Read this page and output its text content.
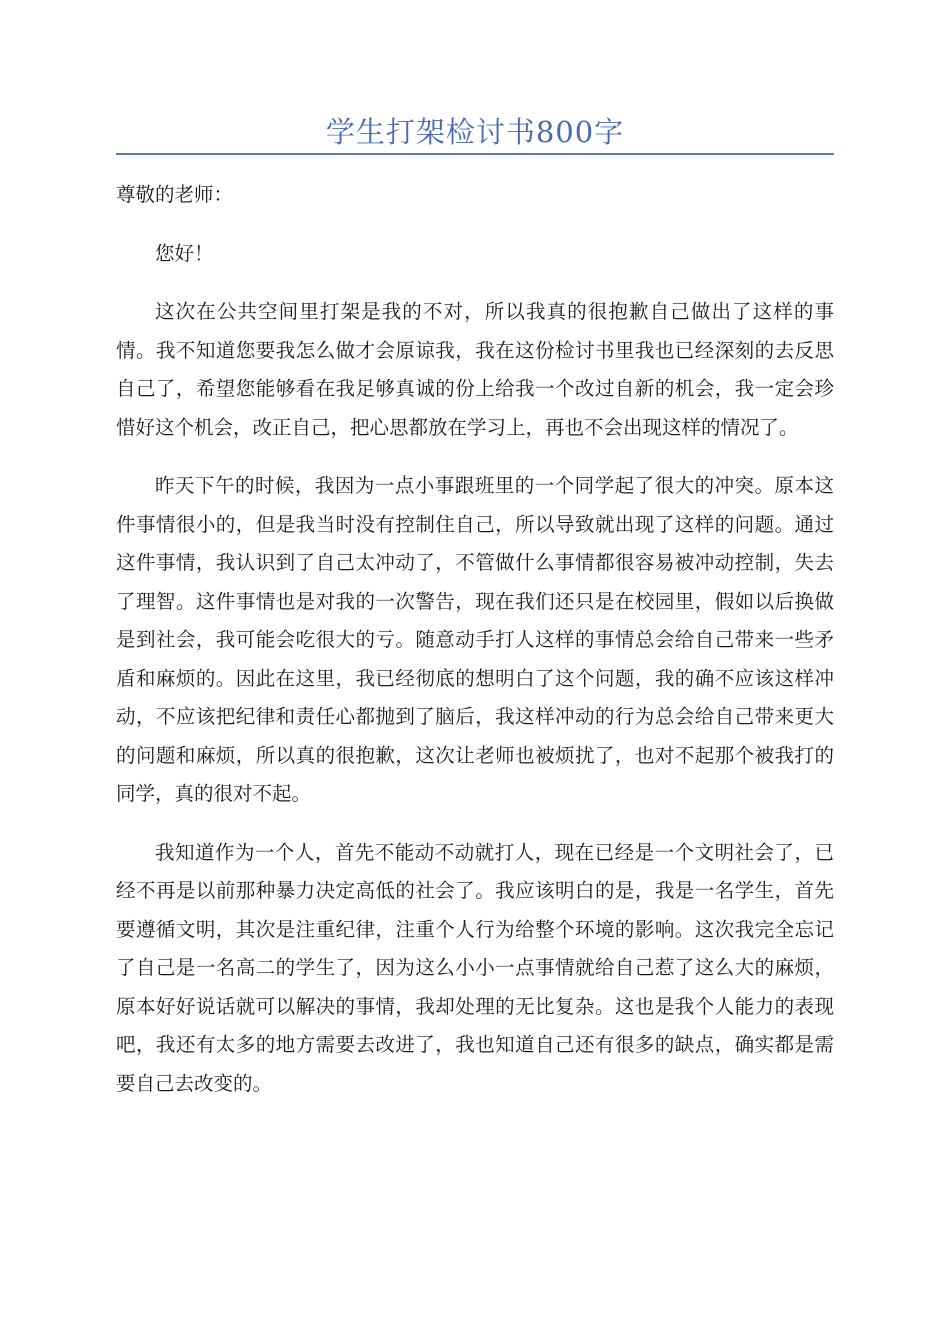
学生打架检讨书800字

尊敬的老师：

您好！

这次在公共空间里打架是我的不对，所以我真的很抱歉自己做出了这样的事情。我不知道您要我怎么做才会原谅我，我在这份检讨书里我也已经深刻的去反思自己了，希望您能够看在我足够真诚的份上给我一个改过自新的机会，我一定会珍惜好这个机会，改正自己，把心思都放在学习上，再也不会出现这样的情况了。

昨天下午的时候，我因为一点小事跟班里的一个同学起了很大的冲突。原本这件事情很小的，但是我当时没有控制住自己，所以导致就出现了这样的问题。通过这件事情，我认识到了自己太冲动了，不管做什么事情都很容易被冲动控制，失去了理智。这件事情也是对我的一次警告，现在我们还只是在校园里，假如以后换做是到社会，我可能会吃很大的亏。随意动手打人这样的事情总会给自己带来一些矛盾和麻烦的。因此在这里，我已经彻底的想明白了这个问题，我的确不应该这样冲动，不应该把纪律和责任心都抛到了脑后，我这样冲动的行为总会给自己带来更大的问题和麻烦，所以真的很抱歉，这次让老师也被烦扰了，也对不起那个被我打的同学，真的很对不起。

我知道作为一个人，首先不能动不动就打人，现在已经是一个文明社会了，已经不再是以前那种暴力决定高低的社会了。我应该明白的是，我是一名学生，首先要遵循文明，其次是注重纪律，注重个人行为给整个环境的影响。这次我完全忘记了自己是一名高二的学生了，因为这么小小一点事情就给自己惹了这么大的麻烦，原本好好说话就可以解决的事情，我却处理的无比复杂。这也是我个人能力的表现吧，我还有太多的地方需要去改进了，我也知道自己还有很多的缺点，确实都是需要自己去改变的。
